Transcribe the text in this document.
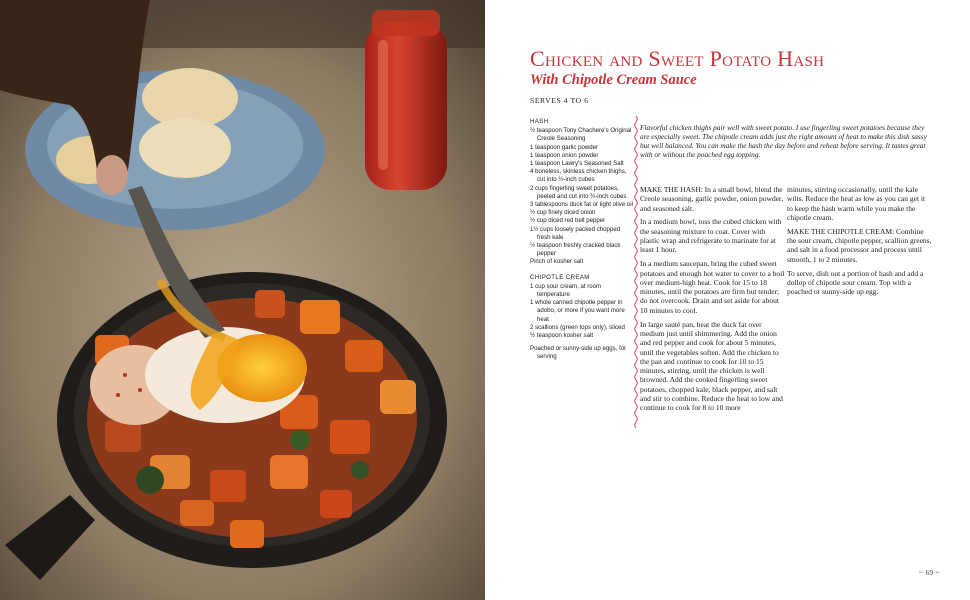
Chicken and Sweet Potato Hash
With Chipotle Cream Sauce
SERVES 4 TO 6
HASH
½ teaspoon Tony Chachere's Original Creole Seasoning
1 teaspoon garlic powder
1 teaspoon onion powder
1 teaspoon Lawry's Seasoned Salt
4 boneless, skinless chicken thighs, cut into ½-inch cubes
2 cups fingerling sweet potatoes, peeled and cut into ½-inch cubes
3 tablespoons duck fat or light olive oil
½ cup finely diced onion
½ cup diced red bell pepper
1½ cups loosely packed chopped fresh kale
½ teaspoon freshly cracked black pepper
Pinch of kosher salt
CHIPOTLE CREAM
1 cup sour cream, at room temperature
1 whole canned chipotle pepper in adobo, or more if you want more heat
2 scallions (green tops only), sliced
½ teaspoon kosher salt
Poached or sunny-side up eggs, for serving

Flavorful chicken thighs pair well with sweet potato. I use fingerling sweet potatoes because they are especially sweet. The chipotle cream adds just the right amount of heat to make this dish sassy but well balanced. You can make the hash the day before and reheat before serving. It tastes great with or without the poached egg topping.

MAKE THE HASH: In a small bowl, blend the Creole seasoning, garlic powder, onion powder, and seasoned salt.

In a medium bowl, toss the cubed chicken with the seasoning mixture to coat. Cover with plastic wrap and refrigerate to marinate for at least 1 hour.

In a medium saucepan, bring the cubed sweet potatoes and enough hot water to cover to a boil over medium-high heat. Cook for 15 to 18 minutes, until the potatoes are firm but tender; do not overcook. Drain and set aside for about 10 minutes to cool.

In large sauté pan, heat the duck fat over medium just until shimmering. Add the onion and red pepper and cook for about 5 minutes, until the vegetables soften. Add the chicken to the pan and continue to cook for 10 to 15 minutes, stirring, until the chicken is well browned. Add the cooked fingerling sweet potatoes, chopped kale, black pepper, and salt and stir to combine. Reduce the heat to low and continue to cook for 8 to 10 more

minutes, stirring occasionally, until the kale wilts. Reduce the heat as low as you can get it to keep the hash warm while you make the chipotle cream.

MAKE THE CHIPOTLE CREAM: Combine the sour cream, chipotle pepper, scallion greens, and salt in a food processor and process until smooth, 1 to 2 minutes.

To serve, dish out a portion of hash and add a dollop of chipotle sour cream. Top with a poached or sunny-side up egg.

~ 69 ~
